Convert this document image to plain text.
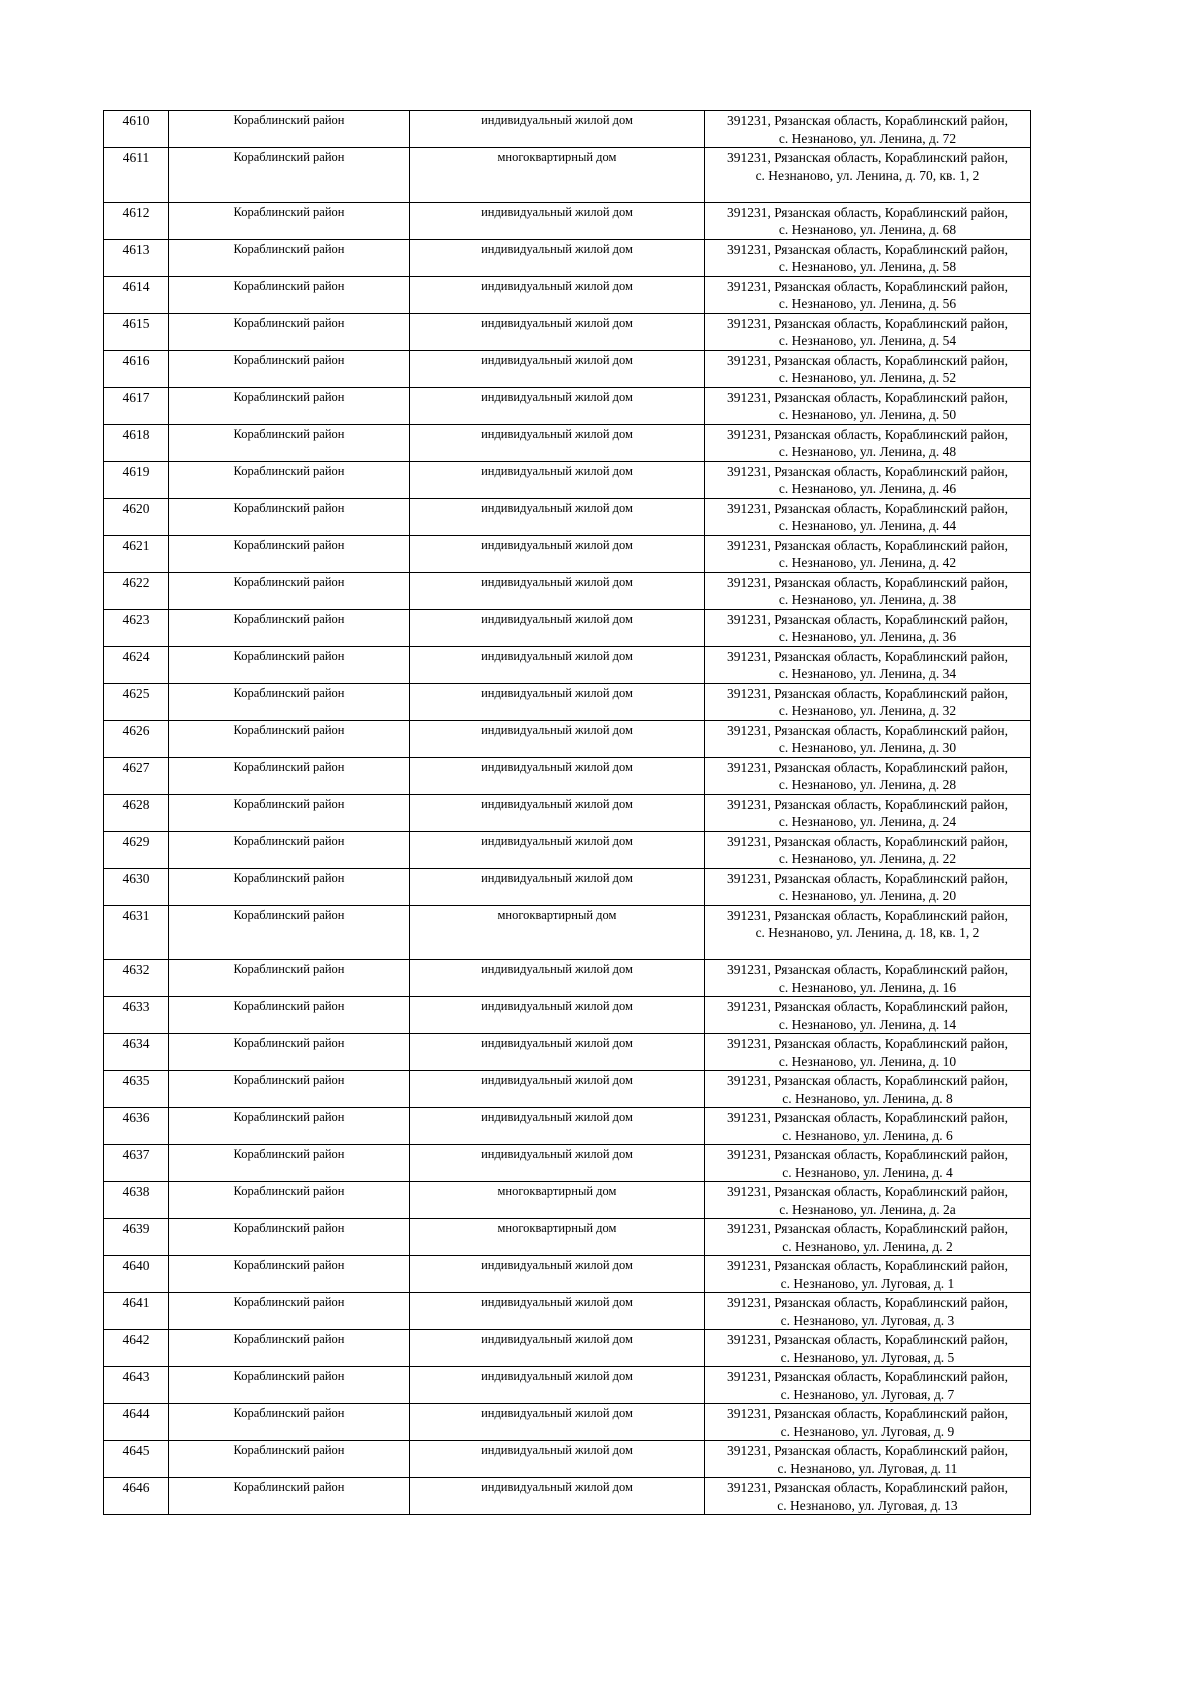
4610	Кораблинский район	индивидуальный жилой дом	391231, Рязанская область, Кораблинский район,
с. Незнаново, ул. Ленина, д. 72

4611	Кораблинский район	многоквартирный дом	391231, Рязанская область, Кораблинский район,
с. Незнаново, ул. Ленина, д. 70, кв. 1, 2

4612	Кораблинский район	индивидуальный жилой дом	391231, Рязанская область, Кораблинский район,
с. Незнаново, ул. Ленина, д. 68

4613	Кораблинский район	индивидуальный жилой дом	391231, Рязанская область, Кораблинский район,
с. Незнаново, ул. Ленина, д. 58

4614	Кораблинский район	индивидуальный жилой дом	391231, Рязанская область, Кораблинский район,
с. Незнаново, ул. Ленина, д. 56

4615	Кораблинский район	индивидуальный жилой дом	391231, Рязанская область, Кораблинский район,
с. Незнаново, ул. Ленина, д. 54

4616	Кораблинский район	индивидуальный жилой дом	391231, Рязанская область, Кораблинский район,
с. Незнаново, ул. Ленина, д. 52

4617	Кораблинский район	индивидуальный жилой дом	391231, Рязанская область, Кораблинский район,
с. Незнаново, ул. Ленина, д. 50

4618	Кораблинский район	индивидуальный жилой дом	391231, Рязанская область, Кораблинский район,
с. Незнаново, ул. Ленина, д. 48

4619	Кораблинский район	индивидуальный жилой дом	391231, Рязанская область, Кораблинский район,
с. Незнаново, ул. Ленина, д. 46

4620	Кораблинский район	индивидуальный жилой дом	391231, Рязанская область, Кораблинский район,
с. Незнаново, ул. Ленина, д. 44

4621	Кораблинский район	индивидуальный жилой дом	391231, Рязанская область, Кораблинский район,
с. Незнаново, ул. Ленина, д. 42

4622	Кораблинский район	индивидуальный жилой дом	391231, Рязанская область, Кораблинский район,
с. Незнаново, ул. Ленина, д. 38

4623	Кораблинский район	индивидуальный жилой дом	391231, Рязанская область, Кораблинский район,
с. Незнаново, ул. Ленина, д. 36

4624	Кораблинский район	индивидуальный жилой дом	391231, Рязанская область, Кораблинский район,
с. Незнаново, ул. Ленина, д. 34

4625	Кораблинский район	индивидуальный жилой дом	391231, Рязанская область, Кораблинский район,
с. Незнаново, ул. Ленина, д. 32

4626	Кораблинский район	индивидуальный жилой дом	391231, Рязанская область, Кораблинский район,
с. Незнаново, ул. Ленина, д. 30

4627	Кораблинский район	индивидуальный жилой дом	391231, Рязанская область, Кораблинский район,
с. Незнаново, ул. Ленина, д. 28

4628	Кораблинский район	индивидуальный жилой дом	391231, Рязанская область, Кораблинский район,
с. Незнаново, ул. Ленина, д. 24

4629	Кораблинский район	индивидуальный жилой дом	391231, Рязанская область, Кораблинский район,
с. Незнаново, ул. Ленина, д. 22

4630	Кораблинский район	индивидуальный жилой дом	391231, Рязанская область, Кораблинский район,
с. Незнаново, ул. Ленина, д. 20

4631	Кораблинский район	многоквартирный дом	391231, Рязанская область, Кораблинский район,
с. Незнаново, ул. Ленина, д. 18, кв. 1, 2

4632	Кораблинский район	индивидуальный жилой дом	391231, Рязанская область, Кораблинский район,
с. Незнаново, ул. Ленина, д. 16

4633	Кораблинский район	индивидуальный жилой дом	391231, Рязанская область, Кораблинский район,
с. Незнаново, ул. Ленина, д. 14

4634	Кораблинский район	индивидуальный жилой дом	391231, Рязанская область, Кораблинский район,
с. Незнаново, ул. Ленина, д. 10

4635	Кораблинский район	индивидуальный жилой дом	391231, Рязанская область, Кораблинский район,
с. Незнаново, ул. Ленина, д. 8

4636	Кораблинский район	индивидуальный жилой дом	391231, Рязанская область, Кораблинский район,
с. Незнаново, ул. Ленина, д. 6

4637	Кораблинский район	индивидуальный жилой дом	391231, Рязанская область, Кораблинский район,
с. Незнаново, ул. Ленина, д. 4

4638	Кораблинский район	многоквартирный дом	391231, Рязанская область, Кораблинский район,
с. Незнаново, ул. Ленина, д. 2а

4639	Кораблинский район	многоквартирный дом	391231, Рязанская область, Кораблинский район,
с. Незнаново, ул. Ленина, д. 2

4640	Кораблинский район	индивидуальный жилой дом	391231, Рязанская область, Кораблинский район,
с. Незнаново, ул. Луговая, д. 1

4641	Кораблинский район	индивидуальный жилой дом	391231, Рязанская область, Кораблинский район,
с. Незнаново, ул. Луговая, д. 3

4642	Кораблинский район	индивидуальный жилой дом	391231, Рязанская область, Кораблинский район,
с. Незнаново, ул. Луговая, д. 5

4643	Кораблинский район	индивидуальный жилой дом	391231, Рязанская область, Кораблинский район,
с. Незнаново, ул. Луговая, д. 7

4644	Кораблинский район	индивидуальный жилой дом	391231, Рязанская область, Кораблинский район,
с. Незнаново, ул. Луговая, д. 9

4645	Кораблинский район	индивидуальный жилой дом	391231, Рязанская область, Кораблинский район,
с. Незнаново, ул. Луговая, д. 11

4646	Кораблинский район	индивидуальный жилой дом	391231, Рязанская область, Кораблинский район,
с. Незнаново, ул. Луговая, д. 13
